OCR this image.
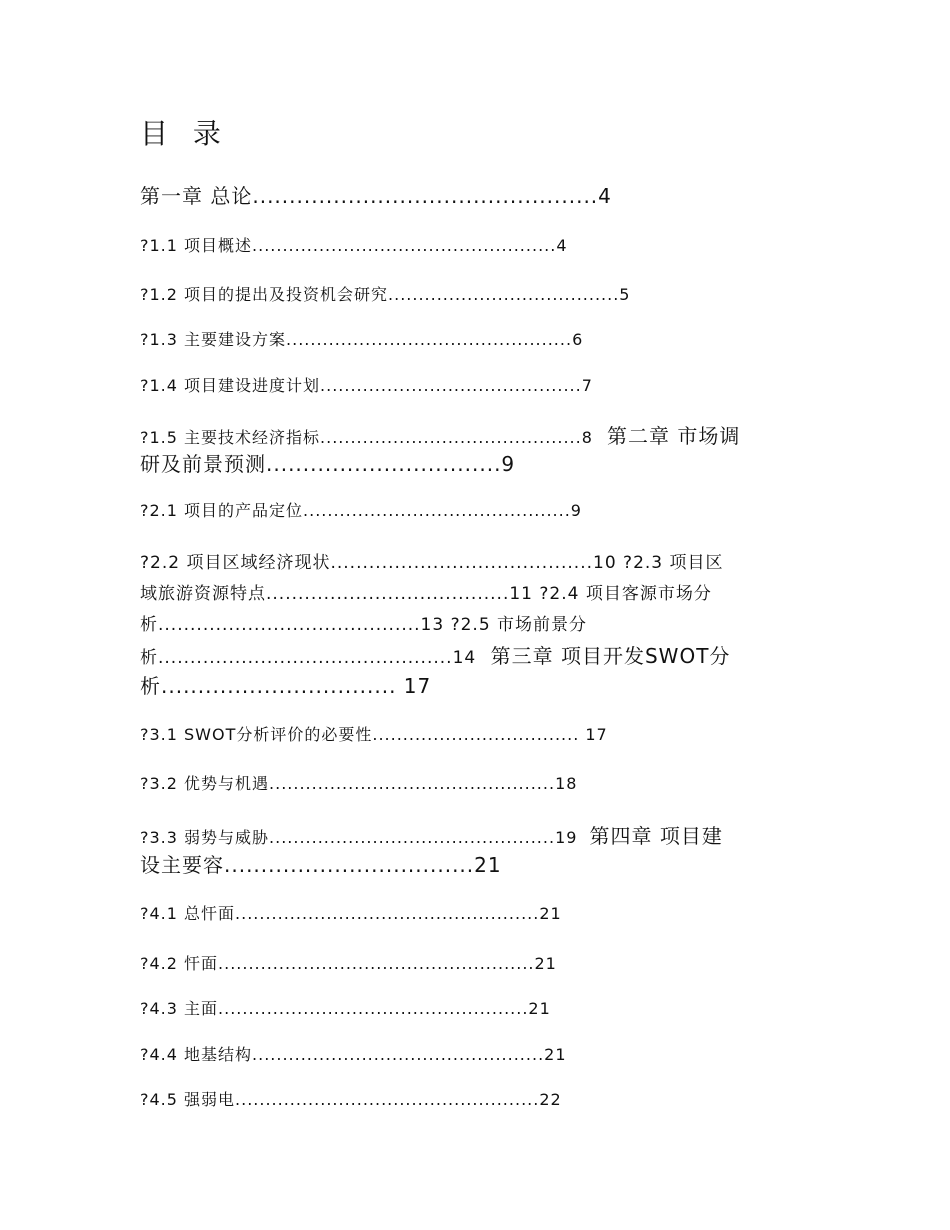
目 录
第一章 总论...............................................4
?1.1 项目概述..................................................4
?1.2 项目的提出及投资机会研究......................................5
?1.3 主要建设方案...............................................6
?1.4 项目建设进度计划...........................................7
?1.5 主要技术经济指标...........................................8 第二章 市场调
研及前景预测................................9
?2.1 项目的产品定位............................................9
?2.2 项目区域经济现状.........................................10 ?2.3 项目区
域旅游资源特点......................................11 ?2.4 项目客源市场分
析.........................................13 ?2.5 市场前景分
析..............................................14 第三章 项目开发SWOT分
析................................ 17
?3.1 SWOT分析评价的必要性.................................. 17
?3.2 优势与机遇...............................................18
?3.3 弱势与威胁...............................................19 第四章 项目建
设主要容..................................21
?4.1 总忓面..................................................21
?4.2 忓面....................................................21
?4.3 主面...................................................21
?4.4 地基结构................................................21
?4.5 强弱电..................................................22
